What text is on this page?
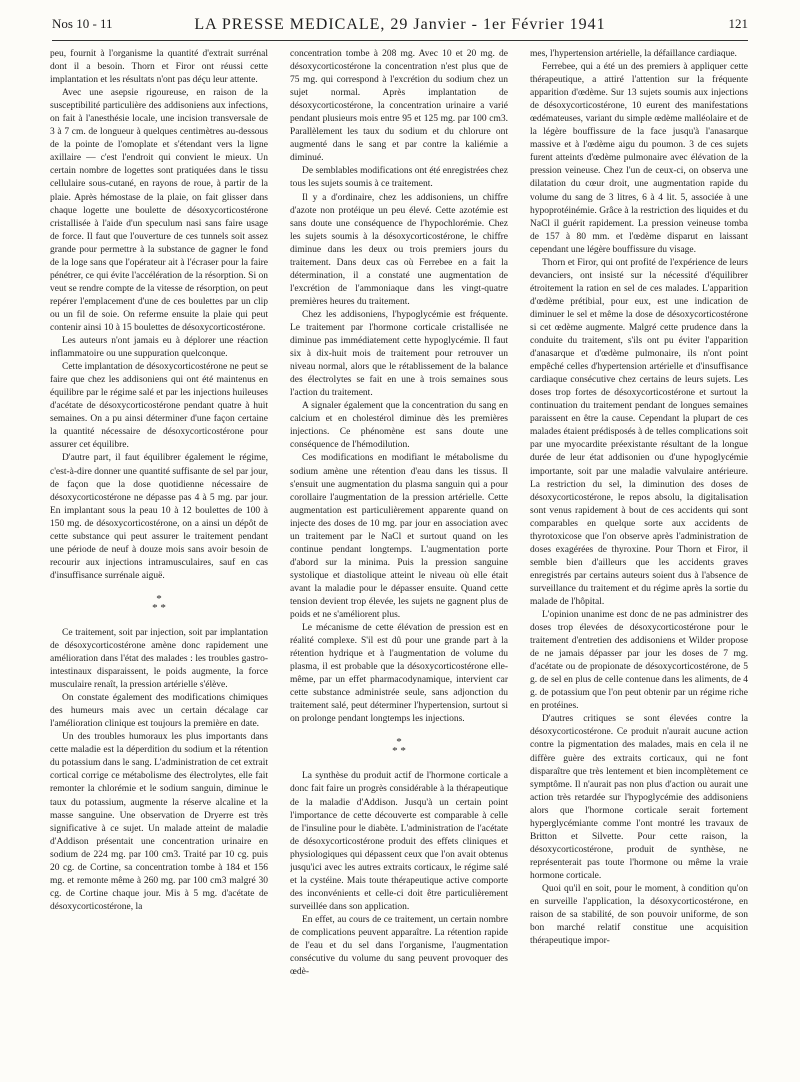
Nos 10 - 11	LA PRESSE MEDICALE, 29 Janvier - 1er Février 1941	121

peu, fournit à l'organisme la quantité d'extrait surrénal dont il a besoin. Thorn et Firor ont réussi cette implantation et les résultats n'ont pas déçu leur attente.

Avec une asepsie rigoureuse, en raison de la susceptibilité particulière des addisoniens aux infections, on fait à l'anesthésie locale, une incision transversale de 3 à 7 cm. de longueur à quelques centimètres au-dessous de la pointe de l'omoplate et s'étendant vers la ligne axillaire — c'est l'endroit qui convient le mieux. Un certain nombre de logettes sont pratiquées dans le tissu cellulaire sous-cutané, en rayons de roue, à partir de la plaie. Après hémostase de la plaie, on fait glisser dans chaque logette une boulette de désoxycorticostérone cristallisée à l'aide d'un speculum nasi sans faire usage de force. Il faut que l'ouverture de ces tunnels soit assez grande pour permettre à la substance de gagner le fond de la loge sans que l'opérateur ait à l'écraser pour la faire pénétrer, ce qui évite l'accélération de la résorption. Si on veut se rendre compte de la vitesse de résorption, on peut repérer l'emplacement d'une de ces boulettes par un clip ou un fil de soie. On referme ensuite la plaie qui peut contenir ainsi 10 à 15 boulettes de désoxycorticostérone.

Les auteurs n'ont jamais eu à déplorer une réaction inflammatoire ou une suppuration quelconque.

Cette implantation de désoxycorticostérone ne peut se faire que chez les addisoniens qui ont été maintenus en équilibre par le régime salé et par les injections huileuses d'acétate de désoxycorticostérone pendant quatre à huit semaines. On a pu ainsi déterminer d'une façon certaine la quantité nécessaire de désoxycorticostérone pour assurer cet équilibre.

D'autre part, il faut équilibrer également le régime, c'est-à-dire donner une quantité suffisante de sel par jour, de façon que la dose quotidienne nécessaire de désoxycorticostérone ne dépasse pas 4 à 5 mg. par jour. En implantant sous la peau 10 à 12 boulettes de 100 à 150 mg. de désoxycorticostérone, on a ainsi un dépôt de cette substance qui peut assurer le traitement pendant une période de neuf à douze mois sans avoir besoin de recourir aux injections intramusculaires, sauf en cas d'insuffisance surrénale aiguë.

*
* *

Ce traitement, soit par injection, soit par implantation de désoxycorticostérone amène donc rapidement une amélioration dans l'état des malades : les troubles gastro-intestinaux disparaissent, le poids augmente, la force musculaire renaît, la pression artérielle s'élève.

On constate également des modifications chimiques des humeurs mais avec un certain décalage car l'amélioration clinique est toujours la première en date.

Un des troubles humoraux les plus importants dans cette maladie est la déperdition du sodium et la rétention du potassium dans le sang. L'administration de cet extrait cortical corrige ce métabolisme des électrolytes, elle fait remonter la chlorémie et le sodium sanguin, diminue le taux du potassium, augmente la réserve alcaline et la masse sanguine. Une observation de Dryerre est très significative à ce sujet. Un malade atteint de maladie d'Addison présentait une concentration urinaire en sodium de 224 mg. par 100 cm3. Traité par 10 cg. puis 20 cg. de Cortine, sa concentration tombe à 184 et 156 mg. et remonte même à 260 mg. par 100 cm3 malgré 30 cg. de Cortine chaque jour. Mis à 5 mg. d'acétate de désoxycorticostérone, la

concentration tombe à 208 mg. Avec 10 et 20 mg. de désoxycorticostérone la concentration n'est plus que de 75 mg. qui correspond à l'excrétion du sodium chez un sujet normal. Après implantation de désoxycorticostérone, la concentration urinaire a varié pendant plusieurs mois entre 95 et 125 mg. par 100 cm3. Parallèlement les taux du sodium et du chlorure ont augmenté dans le sang et par contre la kaliémie a diminué.

De semblables modifications ont été enregistrées chez tous les sujets soumis à ce traitement.

Il y a d'ordinaire, chez les addisoniens, un chiffre d'azote non protéique un peu élevé. Cette azotémie est sans doute une conséquence de l'hypochlorémie. Chez les sujets soumis à la désoxycorticostérone, le chiffre diminue dans les deux ou trois premiers jours du traitement. Dans deux cas où Ferrebee en a fait la détermination, il a constaté une augmentation de l'excrétion de l'ammoniaque dans les vingt-quatre premières heures du traitement.

Chez les addisoniens, l'hypoglycémie est fréquente. Le traitement par l'hormone corticale cristallisée ne diminue pas immédiatement cette hypoglycémie. Il faut six à dix-huit mois de traitement pour retrouver un niveau normal, alors que le rétablissement de la balance des électrolytes se fait en une à trois semaines sous l'action du traitement.

A signaler également que la concentration du sang en calcium et en cholestérol diminue dès les premières injections. Ce phénomène est sans doute une conséquence de l'hémodilution.

Ces modifications en modifiant le métabolisme du sodium amène une rétention d'eau dans les tissus. Il s'ensuit une augmentation du plasma sanguin qui a pour corollaire l'augmentation de la pression artérielle. Cette augmentation est particulièrement apparente quand on injecte des doses de 10 mg. par jour en association avec un traitement par le NaCl et surtout quand on les continue pendant longtemps. L'augmentation porte d'abord sur la minima. Puis la pression sanguine systolique et diastolique atteint le niveau où elle était avant la maladie pour le dépasser ensuite. Quand cette tension devient trop élevée, les sujets ne gagnent plus de poids et ne s'améliorent plus.

Le mécanisme de cette élévation de pression est en réalité complexe. S'il est dû pour une grande part à la rétention hydrique et à l'augmentation de volume du plasma, il est probable que la désoxycorticostérone elle-même, par un effet pharmacodynamique, intervient car cette substance administrée seule, sans adjonction du traitement salé, peut déterminer l'hypertension, surtout si on prolonge pendant longtemps les injections.

*
* *

La synthèse du produit actif de l'hormone corticale a donc fait faire un progrès considérable à la thérapeutique de la maladie d'Addison. Jusqu'à un certain point l'importance de cette découverte est comparable à celle de l'insuline pour le diabète. L'administration de l'acétate de désoxycorticostérone produit des effets cliniques et physiologiques qui dépassent ceux que l'on avait obtenus jusqu'ici avec les autres extraits corticaux, le régime salé et la cystéine. Mais toute thérapeutique active comporte des inconvénients et celle-ci doit être particulièrement surveillée dans son application.

En effet, au cours de ce traitement, un certain nombre de complications peuvent apparaître. La rétention rapide de l'eau et du sel dans l'organisme, l'augmentation consécutive du volume du sang peuvent provoquer des œdè-

mes, l'hypertension artérielle, la défaillance cardiaque.

Ferrebee, qui a été un des premiers à appliquer cette thérapeutique, a attiré l'attention sur la fréquente apparition d'œdème. Sur 13 sujets soumis aux injections de désoxycorticostérone, 10 eurent des manifestations œdémateuses, variant du simple œdème malléolaire et de la légère bouffissure de la face jusqu'à l'anasarque massive et à l'œdème aigu du poumon. 3 de ces sujets furent atteints d'œdème pulmonaire avec élévation de la pression veineuse. Chez l'un de ceux-ci, on observa une dilatation du cœur droit, une augmentation rapide du volume du sang de 3 litres, 6 à 4 lit. 5, associée à une hypoprotéinémie. Grâce à la restriction des liquides et du NaCl il guérit rapidement. La pression veineuse tomba de 157 à 80 mm. et l'œdème disparut en laissant cependant une légère bouffissure du visage.

Thorn et Firor, qui ont profité de l'expérience de leurs devanciers, ont insisté sur la nécessité d'équilibrer étroitement la ration en sel de ces malades. L'apparition d'œdème prétibial, pour eux, est une indication de diminuer le sel et même la dose de désoxycorticostérone si cet œdème augmente. Malgré cette prudence dans la conduite du traitement, s'ils ont pu éviter l'apparition d'anasarque et d'œdème pulmonaire, ils n'ont point empêché celles d'hypertension artérielle et d'insuffisance cardiaque consécutive chez certains de leurs sujets. Les doses trop fortes de désoxycorticostérone et surtout la continuation du traitement pendant de longues semaines paraissent en être la cause. Cependant la plupart de ces malades étaient prédisposés à de telles complications soit par une myocardite préexistante résultant de la longue durée de leur état addisonien ou d'une hypoglycémie importante, soit par une maladie valvulaire antérieure. La restriction du sel, la diminution des doses de désoxycorticostérone, le repos absolu, la digitalisation sont venus rapidement à bout de ces accidents qui sont comparables en quelque sorte aux accidents de thyrotoxicose que l'on observe après l'administration de doses exagérées de thyroxine. Pour Thorn et Firor, il semble bien d'ailleurs que les accidents graves enregistrés par certains auteurs soient dus à l'absence de surveillance du traitement et du régime après la sortie du malade de l'hôpital.

L'opinion unanime est donc de ne pas administrer des doses trop élevées de désoxycorticostérone pour le traitement d'entretien des addisoniens et Wilder propose de ne jamais dépasser par jour les doses de 7 mg. d'acétate ou de propionate de désoxycorticostérone, de 5 g. de sel en plus de celle contenue dans les aliments, de 4 g. de potassium que l'on peut obtenir par un régime riche en protéines.

D'autres critiques se sont élevées contre la désoxycorticostérone. Ce produit n'aurait aucune action contre la pigmentation des malades, mais en cela il ne diffère guère des extraits corticaux, qui ne font disparaître que très lentement et bien incomplètement ce symptôme. Il n'aurait pas non plus d'action ou aurait une action très retardée sur l'hypoglycémie des addisoniens alors que l'hormone corticale serait fortement hyperglycémiante comme l'ont montré les travaux de Britton et Silvette. Pour cette raison, la désoxycorticostérone, produit de synthèse, ne représenterait pas toute l'hormone ou même la vraie hormone corticale.

Quoi qu'il en soit, pour le moment, à condition qu'on en surveille l'application, la désoxycorticostérone, en raison de sa stabilité, de son pouvoir uniforme, de son bon marché relatif constitue une acquisition thérapeutique impor-
